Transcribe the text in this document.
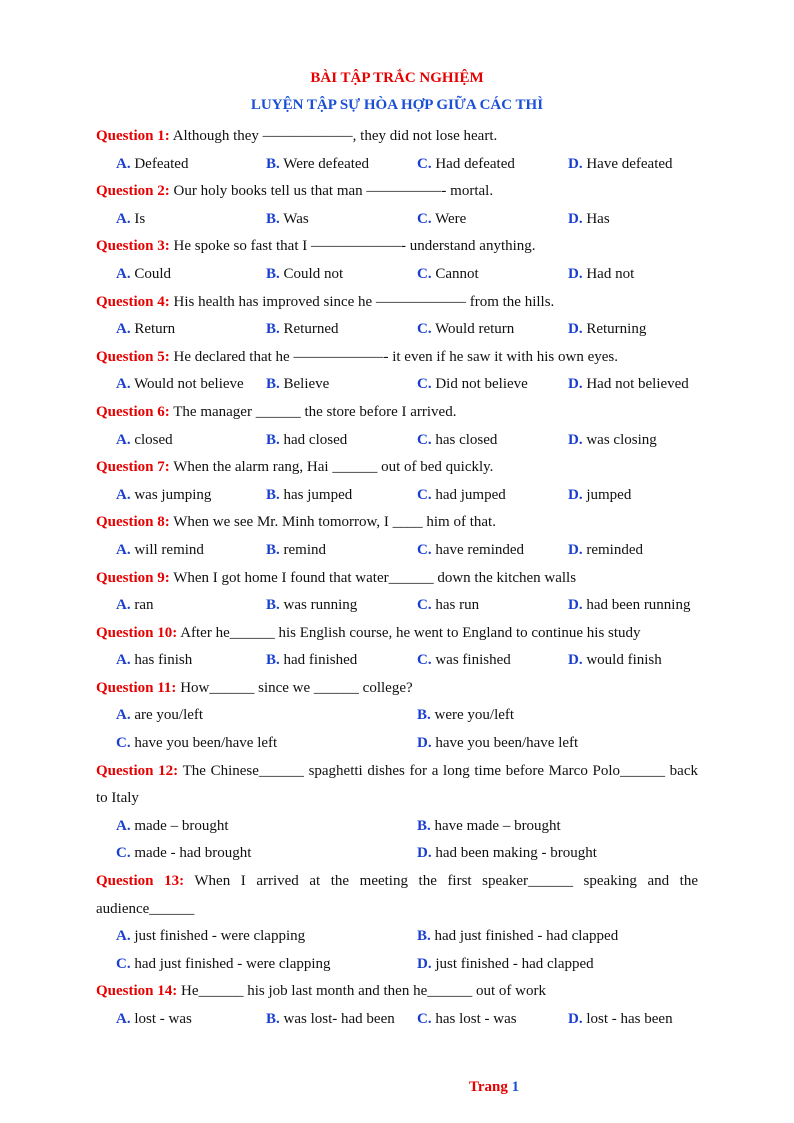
BÀI TẬP TRẮC NGHIỆM
LUYỆN TẬP SỰ HÒA HỢP GIỮA CÁC THÌ
Question 1: Although they ——————, they did not lose heart.
A. Defeated	B. Were defeated	C. Had defeated	D. Have defeated
Question 2: Our holy books tell us that man —————- mortal.
A. Is	B. Was	C. Were	D. Has
Question 3: He spoke so fast that I ——————- understand anything.
A. Could	B. Could not	C. Cannot	D. Had not
Question 4: His health has improved since he —————— from the hills.
A. Return	B. Returned	C. Would return	D. Returning
Question 5: He declared that he ——————- it even if he saw it with his own eyes.
A. Would not believe B. Believe	C. Did not believe	D. Had not believed
Question 6: The manager ______ the store before I arrived.
A. closed	B. had closed	C. has closed	D. was closing
Question 7: When the alarm rang, Hai ______ out of bed quickly.
A. was jumping	B. has jumped	C. had jumped	D. jumped
Question 8: When we see Mr. Minh tomorrow, I ____ him of that.
A. will remind	B. remind	C. have reminded	D. reminded
Question 9: When I got home I found that water______ down the kitchen walls
A. ran	B. was running	C. has run	D. had been running
Question 10: After he______ his English course, he went to England to continue his study
A. has finish	B. had finished	C. was finished	D. would finish
Question 11: How______ since we ______ college?
A. are you/left	B. were you/left
C. have you been/have left	D. have you been/have left
Question 12: The Chinese______ spaghetti dishes for a long time before Marco Polo______ back to Italy
A. made – brought	B. have made – brought
C. made - had brought	D. had been making - brought
Question 13: When I arrived at the meeting the first speaker______ speaking and the audience______
A. just finished - were clapping	B. had just finished - had clapped
C. had just finished - were clapping	D. just finished - had clapped
Question 14: He______ his job last month and then he______ out of work
A. lost - was	B. was lost- had been C. has lost - was	D. lost - has been
Trang 1
